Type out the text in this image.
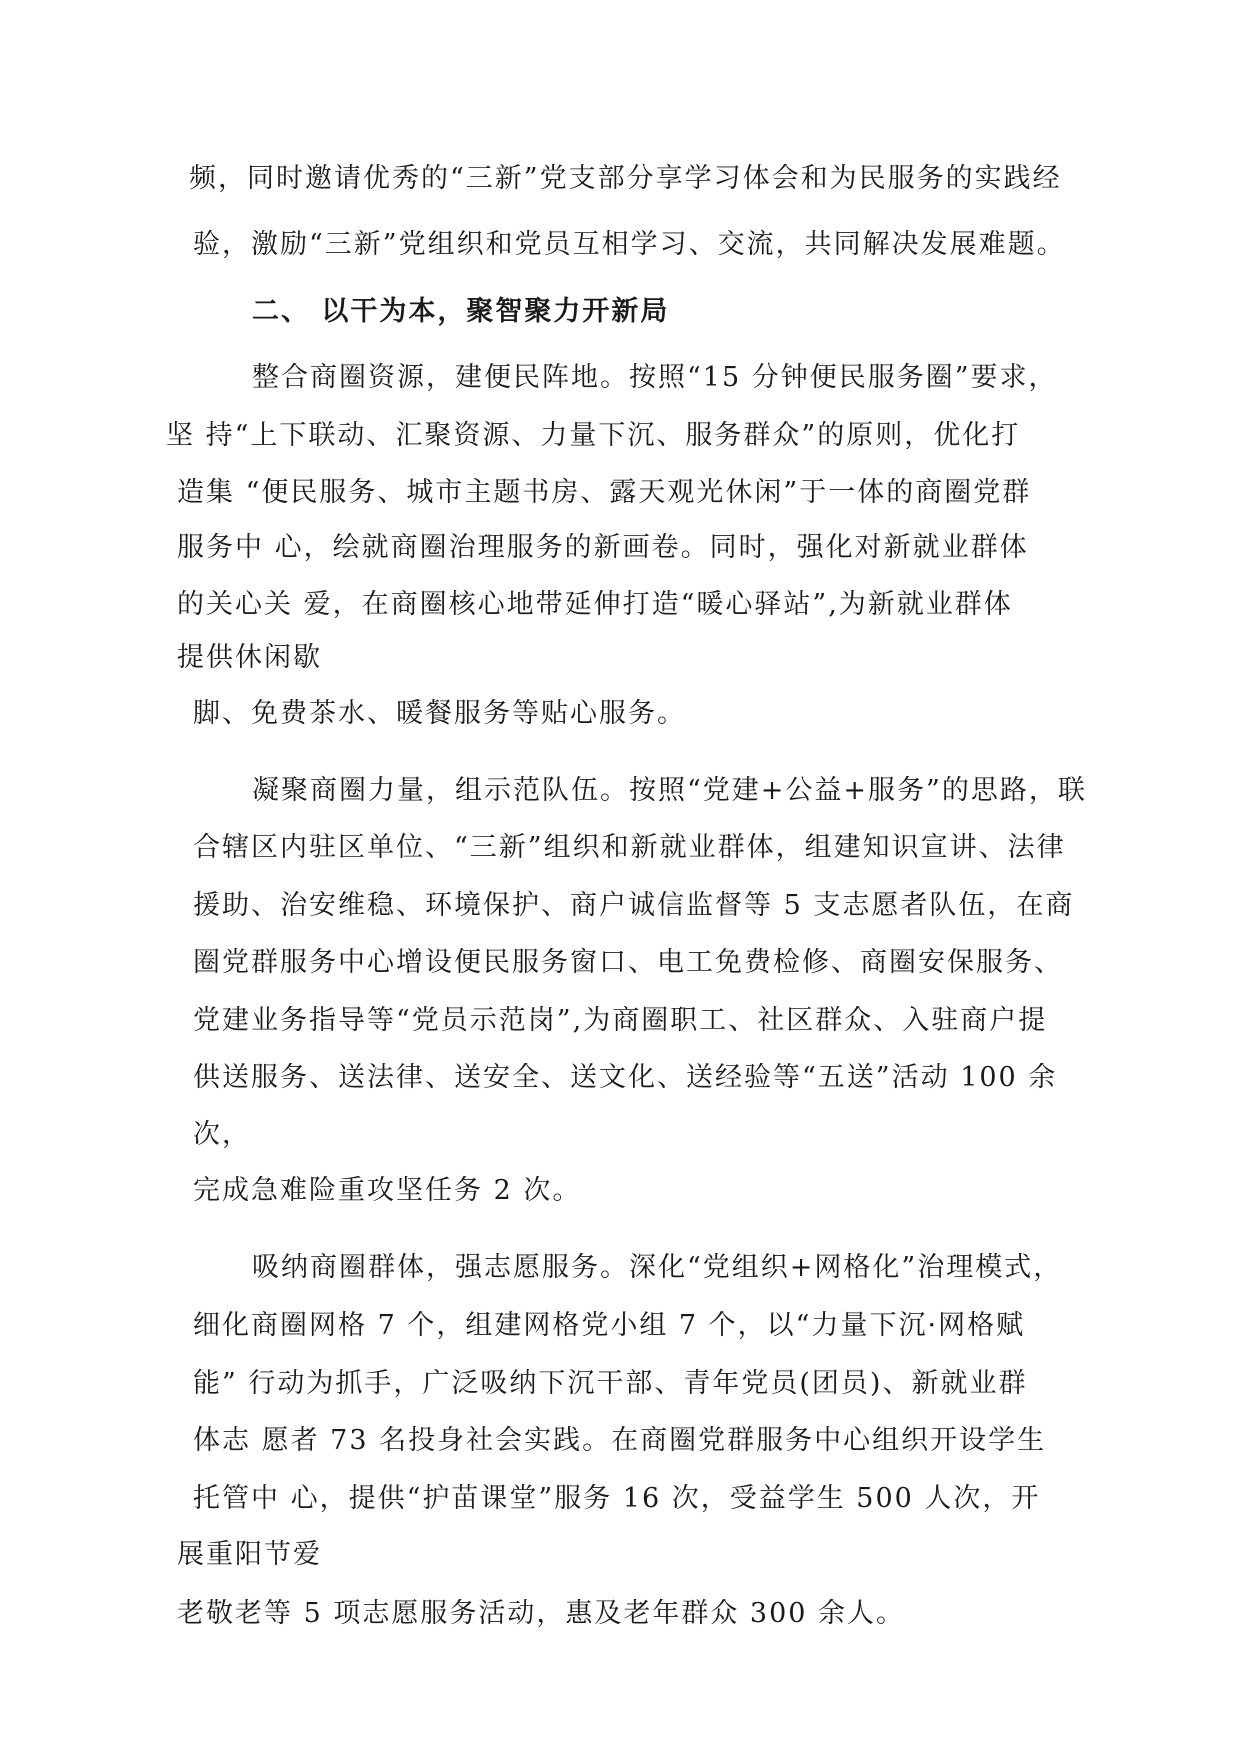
频，同时邀请优秀的“三新”党支部分享学习体会和为民服务的实践经
验，激励“三新”党组织和党员互相学习、交流，共同解决发展难题。
二、 以干为本，聚智聚力开新局
整合商圈资源，建便民阵地。按照“15 分钟便民服务圈”要求，
坚 持“上下联动、汇聚资源、力量下沉、服务群众”的原则，优化打
造集 “便民服务、城市主题书房、露天观光休闲”于一体的商圈党群
服务中 心，绘就商圈治理服务的新画卷。同时，强化对新就业群体
的关心关 爱，在商圈核心地带延伸打造“暖心驿站”,为新就业群体
提供休闲歇
脚、免费茶水、暖餐服务等贴心服务。
凝聚商圈力量，组示范队伍。按照“党建+公益+服务”的思路，联
合辖区内驻区单位、“三新”组织和新就业群体，组建知识宣讲、法律
援助、治安维稳、环境保护、商户诚信监督等 5 支志愿者队伍，在商
圈党群服务中心增设便民服务窗口、电工免费检修、商圈安保服务、
党建业务指导等“党员示范岗”,为商圈职工、社区群众、入驻商户提
供送服务、送法律、送安全、送文化、送经验等“五送”活动 100 余
次，
完成急难险重攻坚任务 2 次。
吸纳商圈群体，强志愿服务。深化“党组织+网格化”治理模式，
细化商圈网格 7 个，组建网格党小组 7 个，以“力量下沉·网格赋
能” 行动为抓手，广泛吸纳下沉干部、青年党员(团员)、新就业群
体志 愿者 73 名投身社会实践。在商圈党群服务中心组织开设学生
托管中 心，提供“护苗课堂”服务 16 次，受益学生 500 人次，开
展重阳节爱
老敬老等 5 项志愿服务活动，惠及老年群众 300 余人。
